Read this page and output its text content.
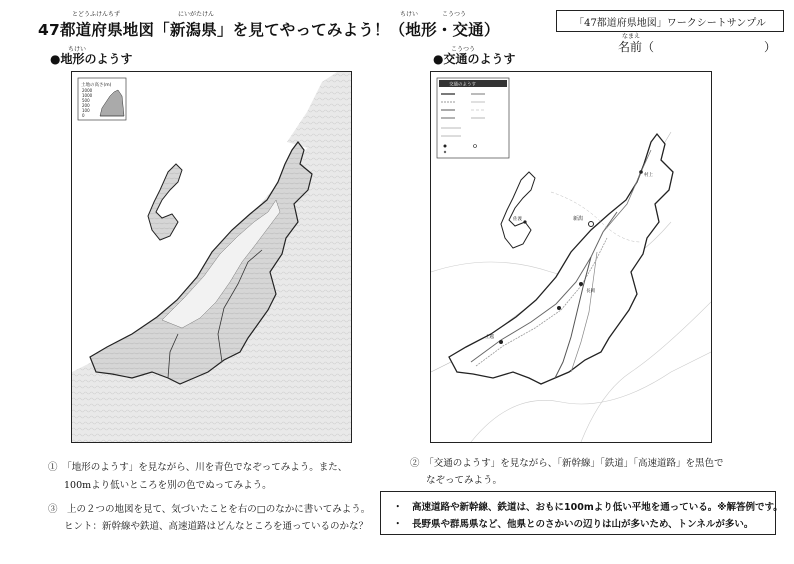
47都道府県地図「新潟県」を見てやってみよう！（地形・交通）
とどうふけんちず	にいがたけん	ちけい	こうつう
「47都道府県地図」ワークシートサンプル
なまえ
名前（	）
ちけい
●地形のようす
土地の高さ(m)
2000
1000
500
200
100
0
こうつう
●交通のようす
新潟
長岡
上越
村上
佐渡
交通のようす
①　「地形のようす」を見ながら、川を青色でなぞってみよう。また、
100mより低いところを別の色でぬってみよう。
②　「交通のようす」を見ながら、「新幹線」「鉄道」「高速道路」を黒色で
なぞってみよう。
③　上の２つの地図を見て、気づいたことを右の□のなかに書いてみよう。
ヒント：新幹線や鉄道、高速道路はどんなところを通っているのかな？
・　高速道路や新幹線、鉄道は、おもに100mより低い平地を通っている。※解答例です。
・　長野県や群馬県など、他県とのさかいの辺りは山が多いため、トンネルが多い。
